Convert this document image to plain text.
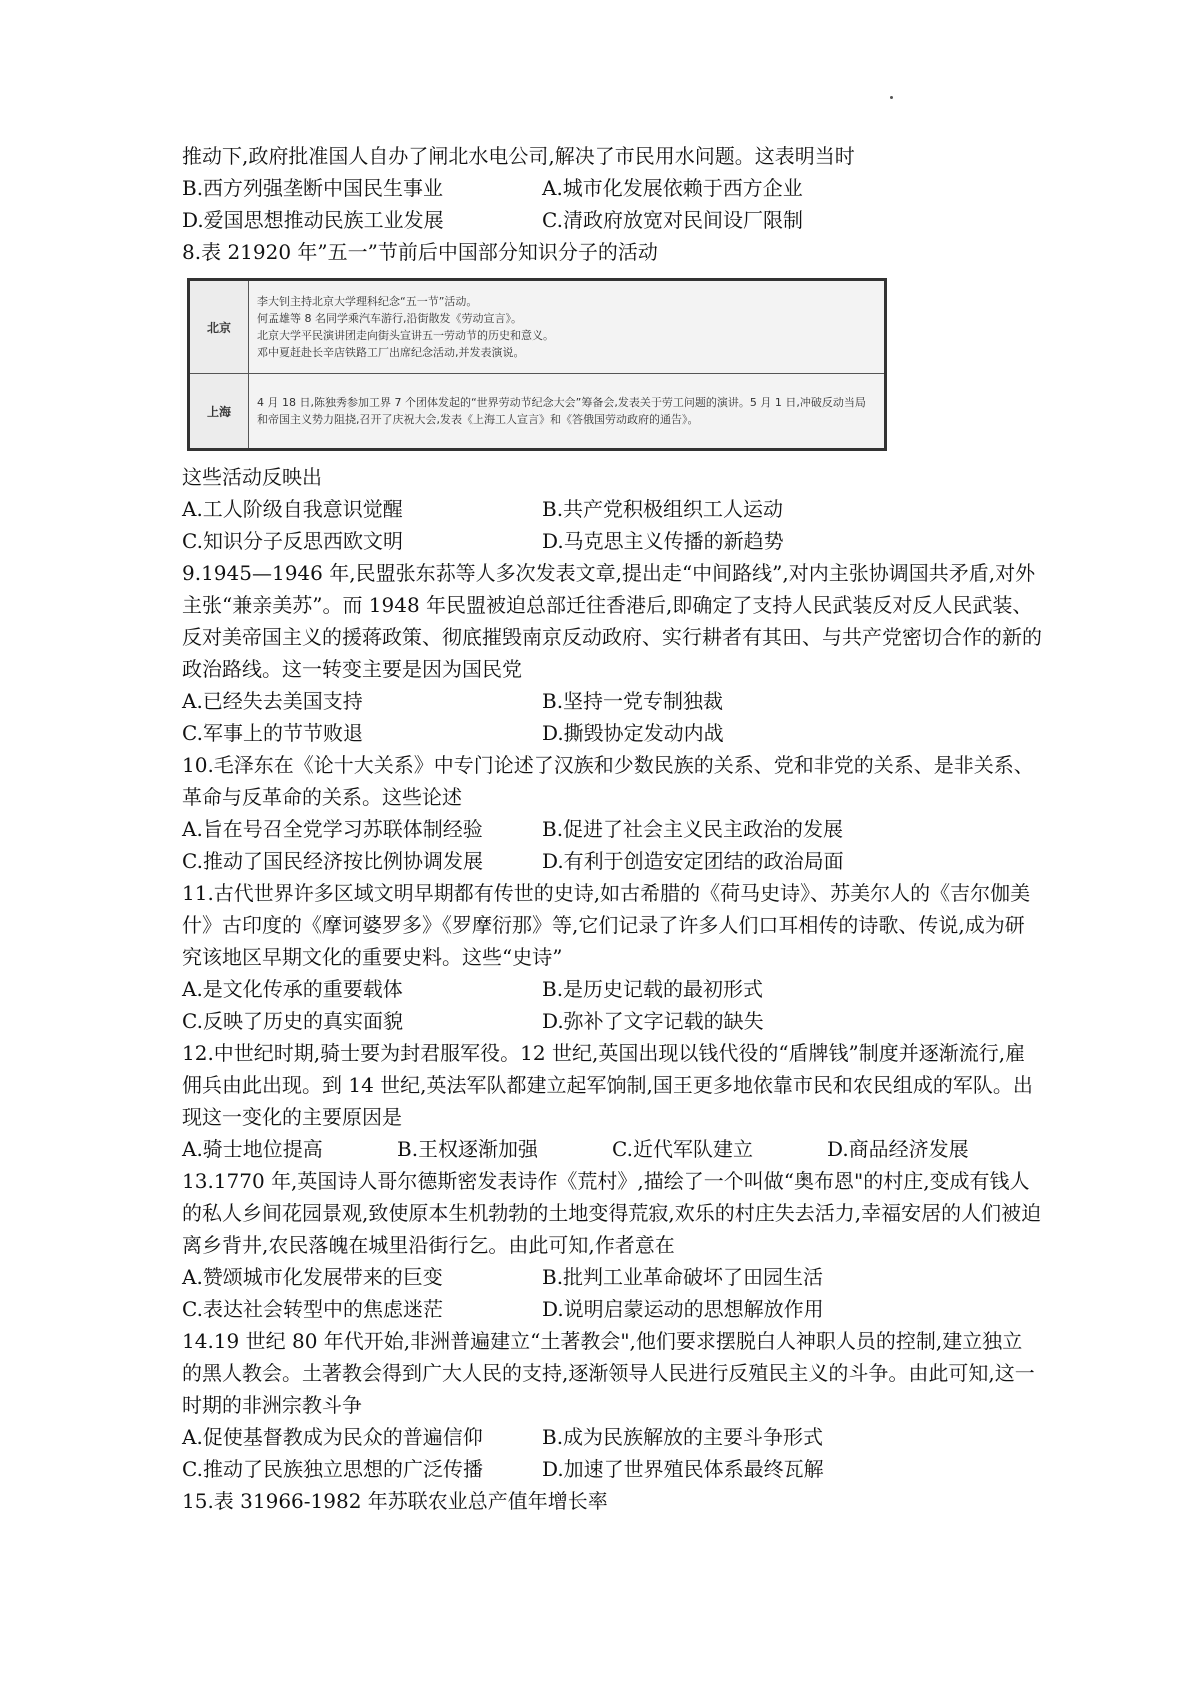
推动下,政府批准国人自办了闸北水电公司,解决了市民用水问题。这表明当时
B.西方列强垄断中国民生事业	A.城市化发展依赖于西方企业
D.爱国思想推动民族工业发展	C.清政府放宽对民间设厂限制
8.表 21920 年”五一”节前后中国部分知识分子的活动
北京	李大钊主持北京大学理科纪念“五一节”活动。
何孟雄等 8 名同学乘汽车游行,沿街散发《劳动宣言》。
北京大学平民演讲团走向街头宣讲五一劳动节的历史和意义。
邓中夏赶赴长辛店铁路工厂出席纪念活动,并发表演说。

上海	4 月 18 日,陈独秀参加工界 7 个团体发起的“世界劳动节纪念大会”筹备会,发表关于劳工问题的演讲。5 月 1 日,冲破反动当局和帝国主义势力阻挠,召开了庆祝大会,发表《上海工人宣言》和《答俄国劳动政府的通告》。
这些活动反映出
A.工人阶级自我意识觉醒	B.共产党积极组织工人运动
C.知识分子反思西欧文明	D.马克思主义传播的新趋势
9.1945—1946 年,民盟张东荪等人多次发表文章,提出走“中间路线”,对内主张协调国共矛盾,对外主张“兼亲美苏”。而 1948 年民盟被迫总部迁往香港后,即确定了支持人民武装反对反人民武装、反对美帝国主义的援蒋政策、彻底摧毁南京反动政府、实行耕者有其田、与共产党密切合作的新的政治路线。这一转变主要是因为国民党
A.已经失去美国支持	B.坚持一党专制独裁
C.军事上的节节败退	D.撕毁协定发动内战
10.毛泽东在《论十大关系》中专门论述了汉族和少数民族的关系、党和非党的关系、是非关系、革命与反革命的关系。这些论述
A.旨在号召全党学习苏联体制经验	B.促进了社会主义民主政治的发展
C.推动了国民经济按比例协调发展	D.有利于创造安定团结的政治局面
11.古代世界许多区域文明早期都有传世的史诗,如古希腊的《荷马史诗》、苏美尔人的《吉尔伽美什》古印度的《摩诃婆罗多》《罗摩衍那》等,它们记录了许多人们口耳相传的诗歌、传说,成为研究该地区早期文化的重要史料。这些“史诗”
A.是文化传承的重要载体	B.是历史记载的最初形式
C.反映了历史的真实面貌	D.弥补了文字记载的缺失
12.中世纪时期,骑士要为封君服军役。12 世纪,英国出现以钱代役的“盾牌钱”制度并逐渐流行,雇佣兵由此出现。到 14 世纪,英法军队都建立起军饷制,国王更多地依靠市民和农民组成的军队。出现这一变化的主要原因是
A.骑士地位提高	B.王权逐渐加强	C.近代军队建立	D.商品经济发展
13.1770 年,英国诗人哥尔德斯密发表诗作《荒村》,描绘了一个叫做“奥布恩"的村庄,变成有钱人的私人乡间花园景观,致使原本生机勃勃的土地变得荒寂,欢乐的村庄失去活力,幸福安居的人们被迫离乡背井,农民落魄在城里沿街行乞。由此可知,作者意在
A.赞颂城市化发展带来的巨变	B.批判工业革命破坏了田园生活
C.表达社会转型中的焦虑迷茫	D.说明启蒙运动的思想解放作用
14.19 世纪 80 年代开始,非洲普遍建立“土著教会",他们要求摆脱白人神职人员的控制,建立独立的黑人教会。土著教会得到广大人民的支持,逐渐领导人民进行反殖民主义的斗争。由此可知,这一时期的非洲宗教斗争
A.促使基督教成为民众的普遍信仰	B.成为民族解放的主要斗争形式
C.推动了民族独立思想的广泛传播	D.加速了世界殖民体系最终瓦解
15.表 31966-1982 年苏联农业总产值年增长率
